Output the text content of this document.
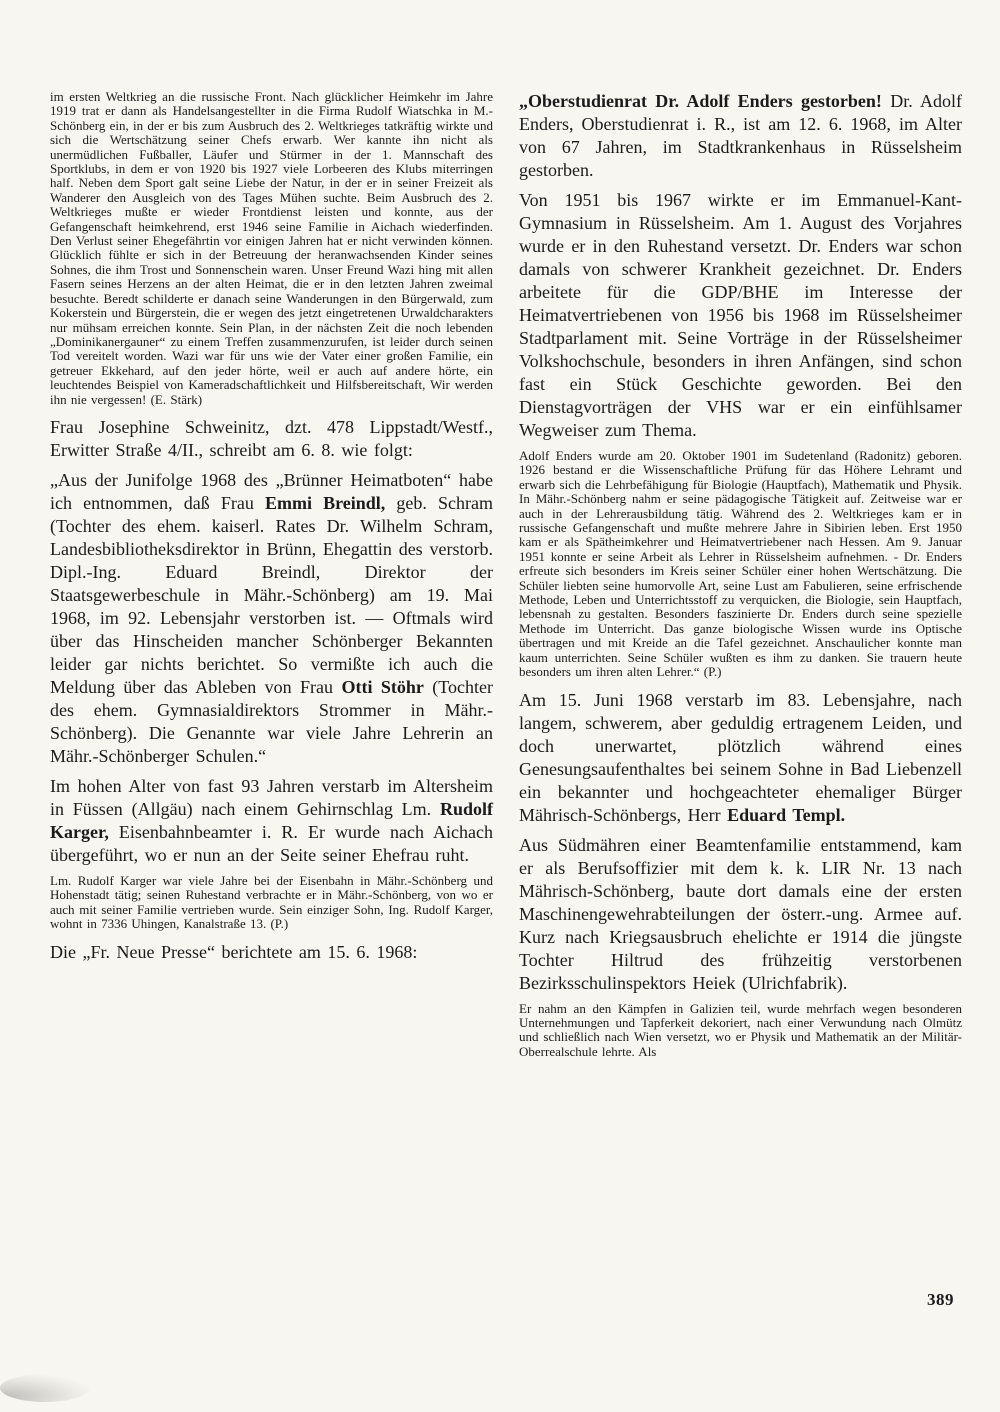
im ersten Weltkrieg an die russische Front. Nach glücklicher Heimkehr im Jahre 1919 trat er dann als Handelsangestellter in die Firma Rudolf Wiatschka in M.-Schönberg ein, in der er bis zum Ausbruch des 2. Weltkrieges tatkräftig wirkte und sich die Wertschätzung seiner Chefs erwarb. Wer kannte ihn nicht als unermüdlichen Fußballer, Läufer und Stürmer in der 1. Mannschaft des Sportklubs, in dem er von 1920 bis 1927 viele Lorbeeren des Klubs miterringen half. Neben dem Sport galt seine Liebe der Natur, in der er in seiner Freizeit als Wanderer den Ausgleich von des Tages Mühen suchte. Beim Ausbruch des 2. Weltkrieges mußte er wieder Frontdienst leisten und konnte, aus der Gefangenschaft heimkehrend, erst 1946 seine Familie in Aichach wiederfinden. Den Verlust seiner Ehegefährtin vor einigen Jahren hat er nicht verwinden können. Glücklich fühlte er sich in der Betreuung der heranwachsenden Kinder seines Sohnes, die ihm Trost und Sonnenschein waren. Unser Freund Wazi hing mit allen Fasern seines Herzens an der alten Heimat, die er in den letzten Jahren zweimal besuchte. Beredt schilderte er danach seine Wanderungen in den Bürgerwald, zum Kokerstein und Bürgerstein, die er wegen des jetzt eingetretenen Urwaldcharakters nur mühsam erreichen konnte. Sein Plan, in der nächsten Zeit die noch lebenden „Dominikanergauner“ zu einem Treffen zusammenzurufen, ist leider durch seinen Tod vereitelt worden. Wazi war für uns wie der Vater einer großen Familie, ein getreuer Ekkehard, auf den jeder hörte, weil er auch auf andere hörte, ein leuchtendes Beispiel von Kameradschaftlichkeit und Hilfsbereitschaft, Wir werden ihn nie vergessen! (E. Stärk)

Frau Josephine Schweinitz, dzt. 478 Lippstadt/Westf., Erwitter Straße 4/II., schreibt am 6. 8. wie folgt:

„Aus der Junifolge 1968 des „Brünner Heimatboten“ habe ich entnommen, daß Frau Emmi Breindl, geb. Schram (Tochter des ehem. kaiserl. Rates Dr. Wilhelm Schram, Landesbibliotheksdirektor in Brünn, Ehegattin des verstorb. Dipl.-Ing. Eduard Breindl, Direktor der Staatsgewerbeschule in Mähr.-Schönberg) am 19. Mai 1968, im 92. Lebensjahr verstorben ist. — Oftmals wird über das Hinscheiden mancher Schönberger Bekannten leider gar nichts berichtet. So vermißte ich auch die Meldung über das Ableben von Frau Otti Stöhr (Tochter des ehem. Gymnasialdirektors Strommer in Mähr.-Schönberg). Die Genannte war viele Jahre Lehrerin an Mähr.-Schönberger Schulen.“

Im hohen Alter von fast 93 Jahren verstarb im Altersheim in Füssen (Allgäu) nach einem Gehirnschlag Lm. Rudolf Karger, Eisenbahnbeamter i. R. Er wurde nach Aichach übergeführt, wo er nun an der Seite seiner Ehefrau ruht.

Lm. Rudolf Karger war viele Jahre bei der Eisenbahn in Mähr.-Schönberg und Hohenstadt tätig; seinen Ruhestand verbrachte er in Mähr.-Schönberg, von wo er auch mit seiner Familie vertrieben wurde. Sein einziger Sohn, Ing. Rudolf Karger, wohnt in 7336 Uhingen, Kanalstraße 13. (P.)

Die „Fr. Neue Presse“ berichtete am 15. 6. 1968:

„Oberstudienrat Dr. Adolf Enders gestorben! Dr. Adolf Enders, Oberstudienrat i. R., ist am 12. 6. 1968, im Alter von 67 Jahren, im Stadtkrankenhaus in Rüsselsheim gestorben.

Von 1951 bis 1967 wirkte er im Emmanuel-Kant-Gymnasium in Rüsselsheim. Am 1. August des Vorjahres wurde er in den Ruhestand versetzt. Dr. Enders war schon damals von schwerer Krankheit gezeichnet. Dr. Enders arbeitete für die GDP/BHE im Interesse der Heimatvertriebenen von 1956 bis 1968 im Rüsselsheimer Stadtparlament mit. Seine Vorträge in der Rüsselsheimer Volkshochschule, besonders in ihren Anfängen, sind schon fast ein Stück Geschichte geworden. Bei den Dienstagvorträgen der VHS war er ein einfühlsamer Wegweiser zum Thema.

Adolf Enders wurde am 20. Oktober 1901 im Sudetenland (Radonitz) geboren. 1926 bestand er die Wissenschaftliche Prüfung für das Höhere Lehramt und erwarb sich die Lehrbefähigung für Biologie (Hauptfach), Mathematik und Physik. In Mähr.-Schönberg nahm er seine pädagogische Tätigkeit auf. Zeitweise war er auch in der Lehrerausbildung tätig. Während des 2. Weltkrieges kam er in russische Gefangenschaft und mußte mehrere Jahre in Sibirien leben. Erst 1950 kam er als Spätheimkehrer und Heimatvertriebener nach Hessen. Am 9. Januar 1951 konnte er seine Arbeit als Lehrer in Rüsselsheim aufnehmen. - Dr. Enders erfreute sich besonders im Kreis seiner Schüler einer hohen Wertschätzung. Die Schüler liebten seine humorvolle Art, seine Lust am Fabulieren, seine erfrischende Methode, Leben und Unterrichtsstoff zu verquicken, die Biologie, sein Hauptfach, lebensnah zu gestalten. Besonders faszinierte Dr. Enders durch seine spezielle Methode im Unterricht. Das ganze biologische Wissen wurde ins Optische übertragen und mit Kreide an die Tafel gezeichnet. Anschaulicher konnte man kaum unterrichten. Seine Schüler wußten es ihm zu danken. Sie trauern heute besonders um ihren alten Lehrer.“ (P.)

Am 15. Juni 1968 verstarb im 83. Lebensjahre, nach langem, schwerem, aber geduldig ertragenem Leiden, und doch unerwartet, plötzlich während eines Genesungsaufenthaltes bei seinem Sohne in Bad Liebenzell ein bekannter und hochgeachteter ehemaliger Bürger Mährisch-Schönbergs, Herr Eduard Templ.

Aus Südmähren einer Beamtenfamilie entstammend, kam er als Berufsoffizier mit dem k. k. LIR Nr. 13 nach Mährisch-Schönberg, baute dort damals eine der ersten Maschinengewehrabteilungen der österr.-ung. Armee auf. Kurz nach Kriegsausbruch ehelichte er 1914 die jüngste Tochter Hiltrud des frühzeitig verstorbenen Bezirksschulinspektors Heiek (Ulrichfabrik).

Er nahm an den Kämpfen in Galizien teil, wurde mehrfach wegen besonderen Unternehmungen und Tapferkeit dekoriert, nach einer Verwundung nach Olmütz und schließlich nach Wien versetzt, wo er Physik und Mathematik an der Militär-Oberrealschule lehrte. Als

389
